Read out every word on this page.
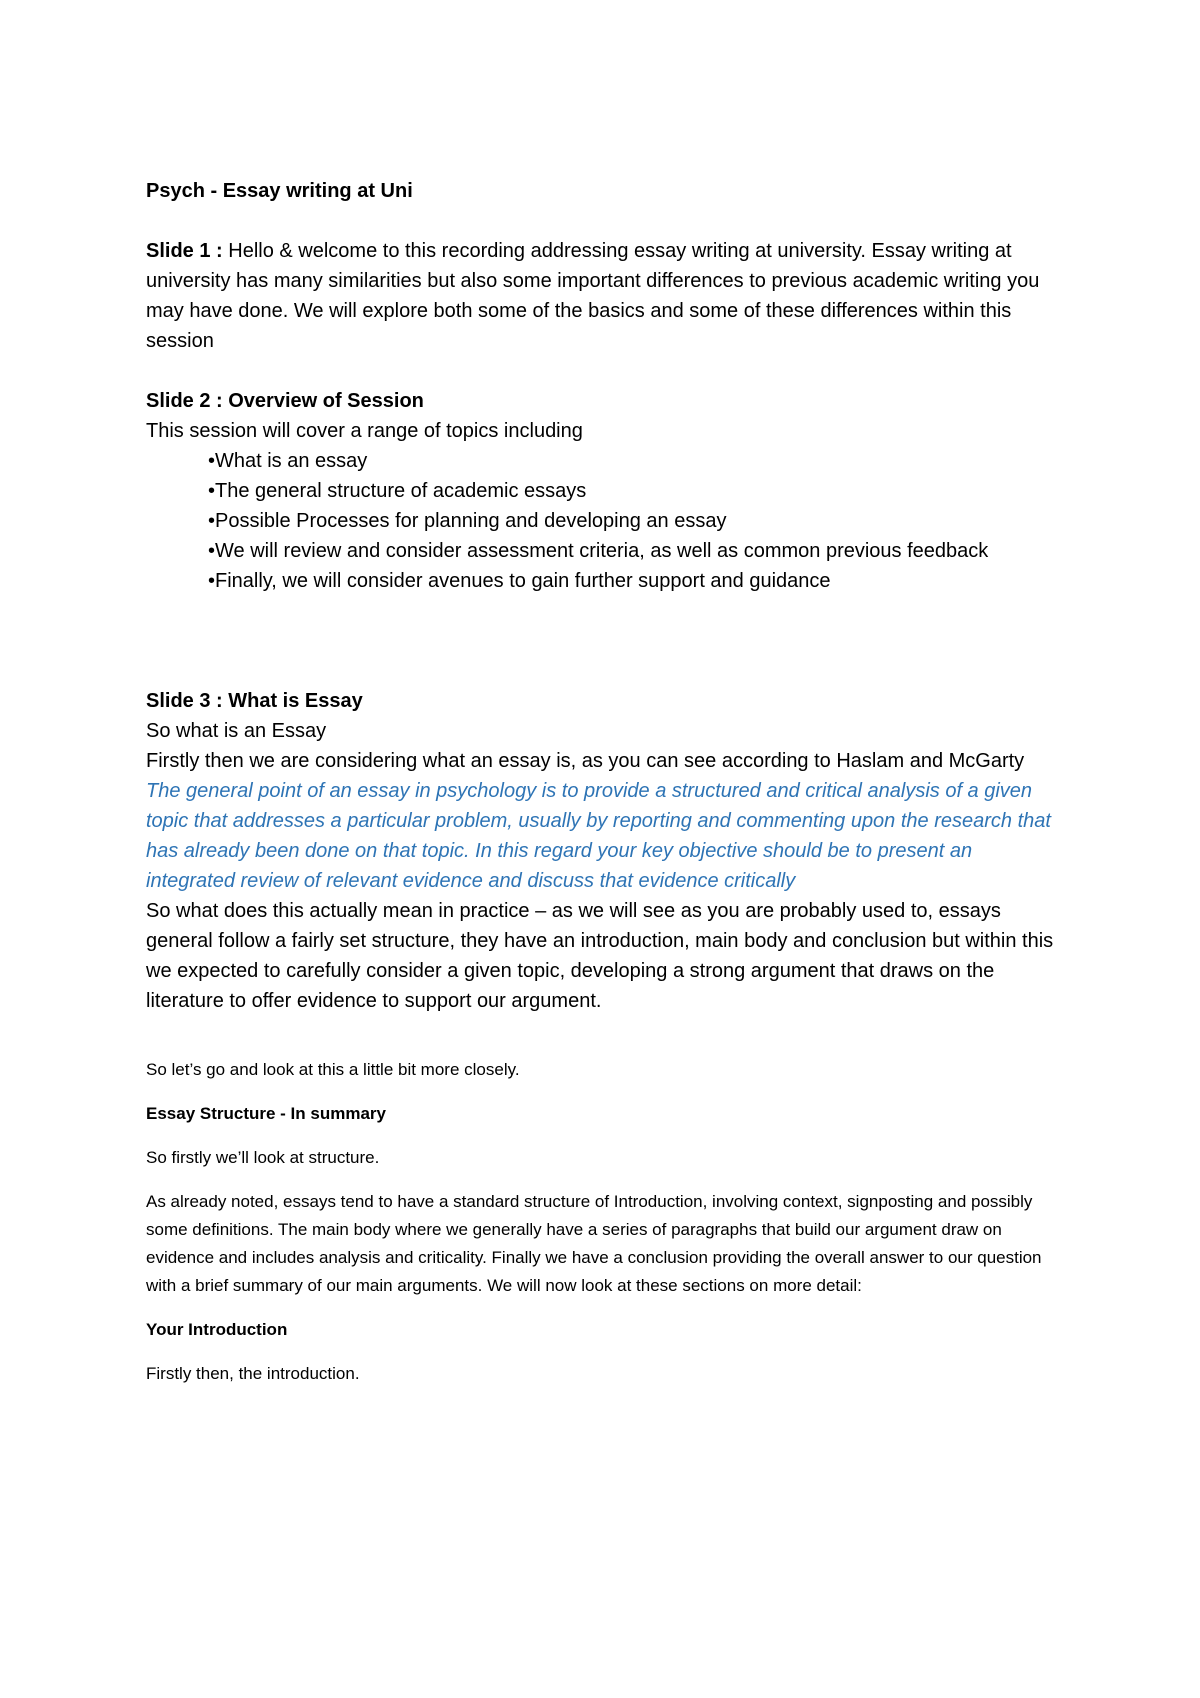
Psych - Essay writing at Uni

Slide 1 : Hello & welcome to this recording addressing essay writing at university. Essay writing at university has many similarities but also some important differences to previous academic writing you may have done. We will explore both some of the basics and some of these differences within this session

Slide 2 : Overview of Session

This session will cover a range of topics including

•What is an essay
•The general structure of academic essays
•Possible Processes for planning and developing an essay
•We will review and consider assessment criteria, as well as common previous feedback
•Finally, we will consider avenues to gain further support and guidance

Slide 3 : What is Essay

So what is an Essay

Firstly then we are considering what an essay is, as you can see according to Haslam and McGarty

The general point of an essay in psychology is to provide a structured and critical analysis of a given topic that addresses a particular problem, usually by reporting and commenting upon the research that has already been done on that topic. In this regard your key objective should be to present an integrated review of relevant evidence and discuss that evidence critically

So what does this actually mean in practice – as we will see as you are probably used to, essays general follow a fairly set structure, they have an introduction, main body and conclusion but within this we expected to carefully consider a given topic, developing a strong argument that draws on the literature to offer evidence to support our argument.

So let’s go and look at this a little bit more closely.

Essay Structure - In summary

So firstly we’ll look at structure.

As already noted, essays tend to have a standard structure of Introduction, involving context, signposting and possibly some definitions. The main body where we generally have a series of paragraphs that build our argument draw on evidence and includes analysis and criticality. Finally we have a conclusion providing the overall answer to our question with a brief summary of our main arguments. We will now look at these sections on more detail:

Your Introduction

Firstly then, the introduction.
